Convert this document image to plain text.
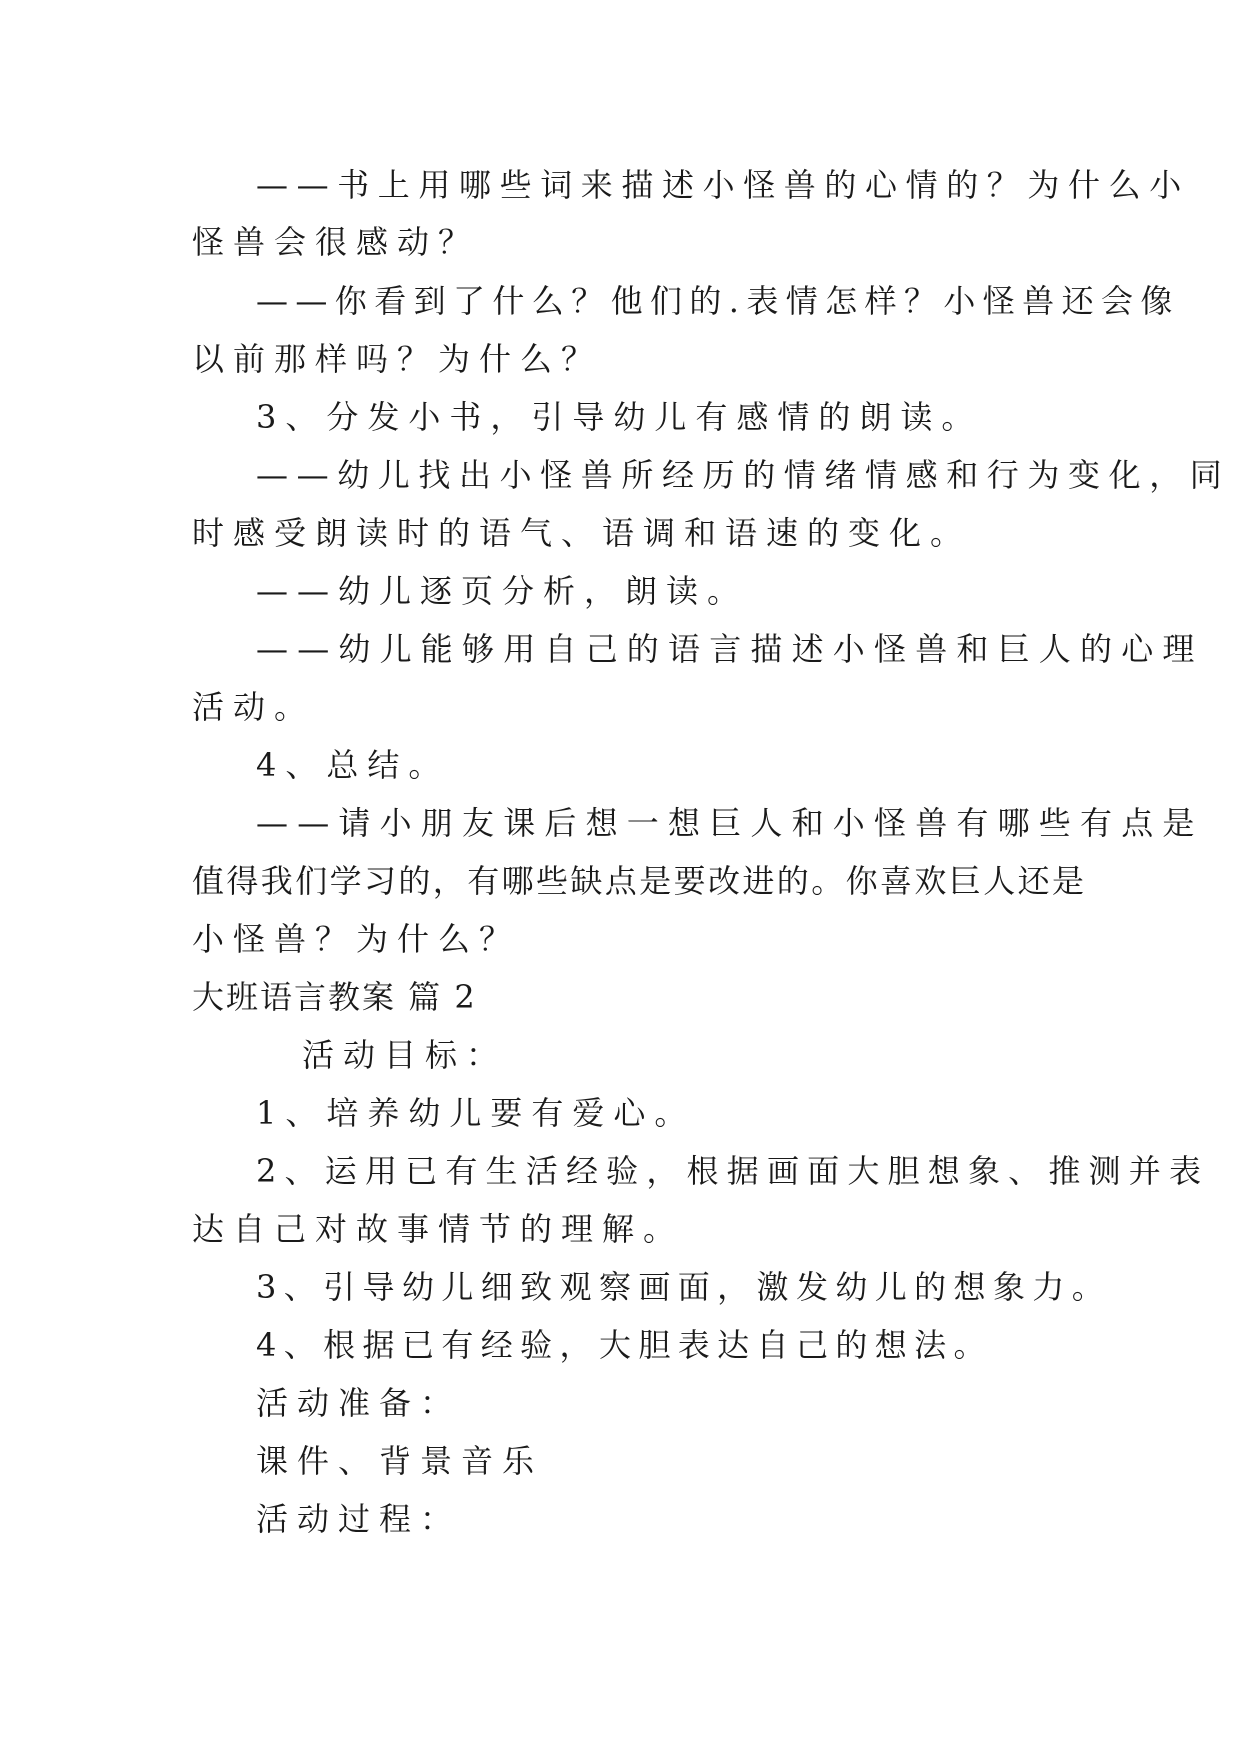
——书上用哪些词来描述小怪兽的心情的？为什么小

怪兽会很感动？

——你看到了什么？他们的.表情怎样？小怪兽还会像

以前那样吗？为什么？

3、分发小书，引导幼儿有感情的朗读。

——幼儿找出小怪兽所经历的情绪情感和行为变化，同

时感受朗读时的语气、语调和语速的变化。

——幼儿逐页分析，朗读。

——幼儿能够用自己的语言描述小怪兽和巨人的心理

活动。

4、总结。

——请小朋友课后想一想巨人和小怪兽有哪些有点是

值得我们学习的，有哪些缺点是要改进的。你喜欢巨人还是

小怪兽？为什么？

大班语言教案 篇 2

活动目标：

1、培养幼儿要有爱心。

2、运用已有生活经验，根据画面大胆想象、推测并表

达自己对故事情节的理解。

3、引导幼儿细致观察画面，激发幼儿的想象力。

4、根据已有经验，大胆表达自己的想法。

活动准备：

课件、背景音乐

活动过程：
